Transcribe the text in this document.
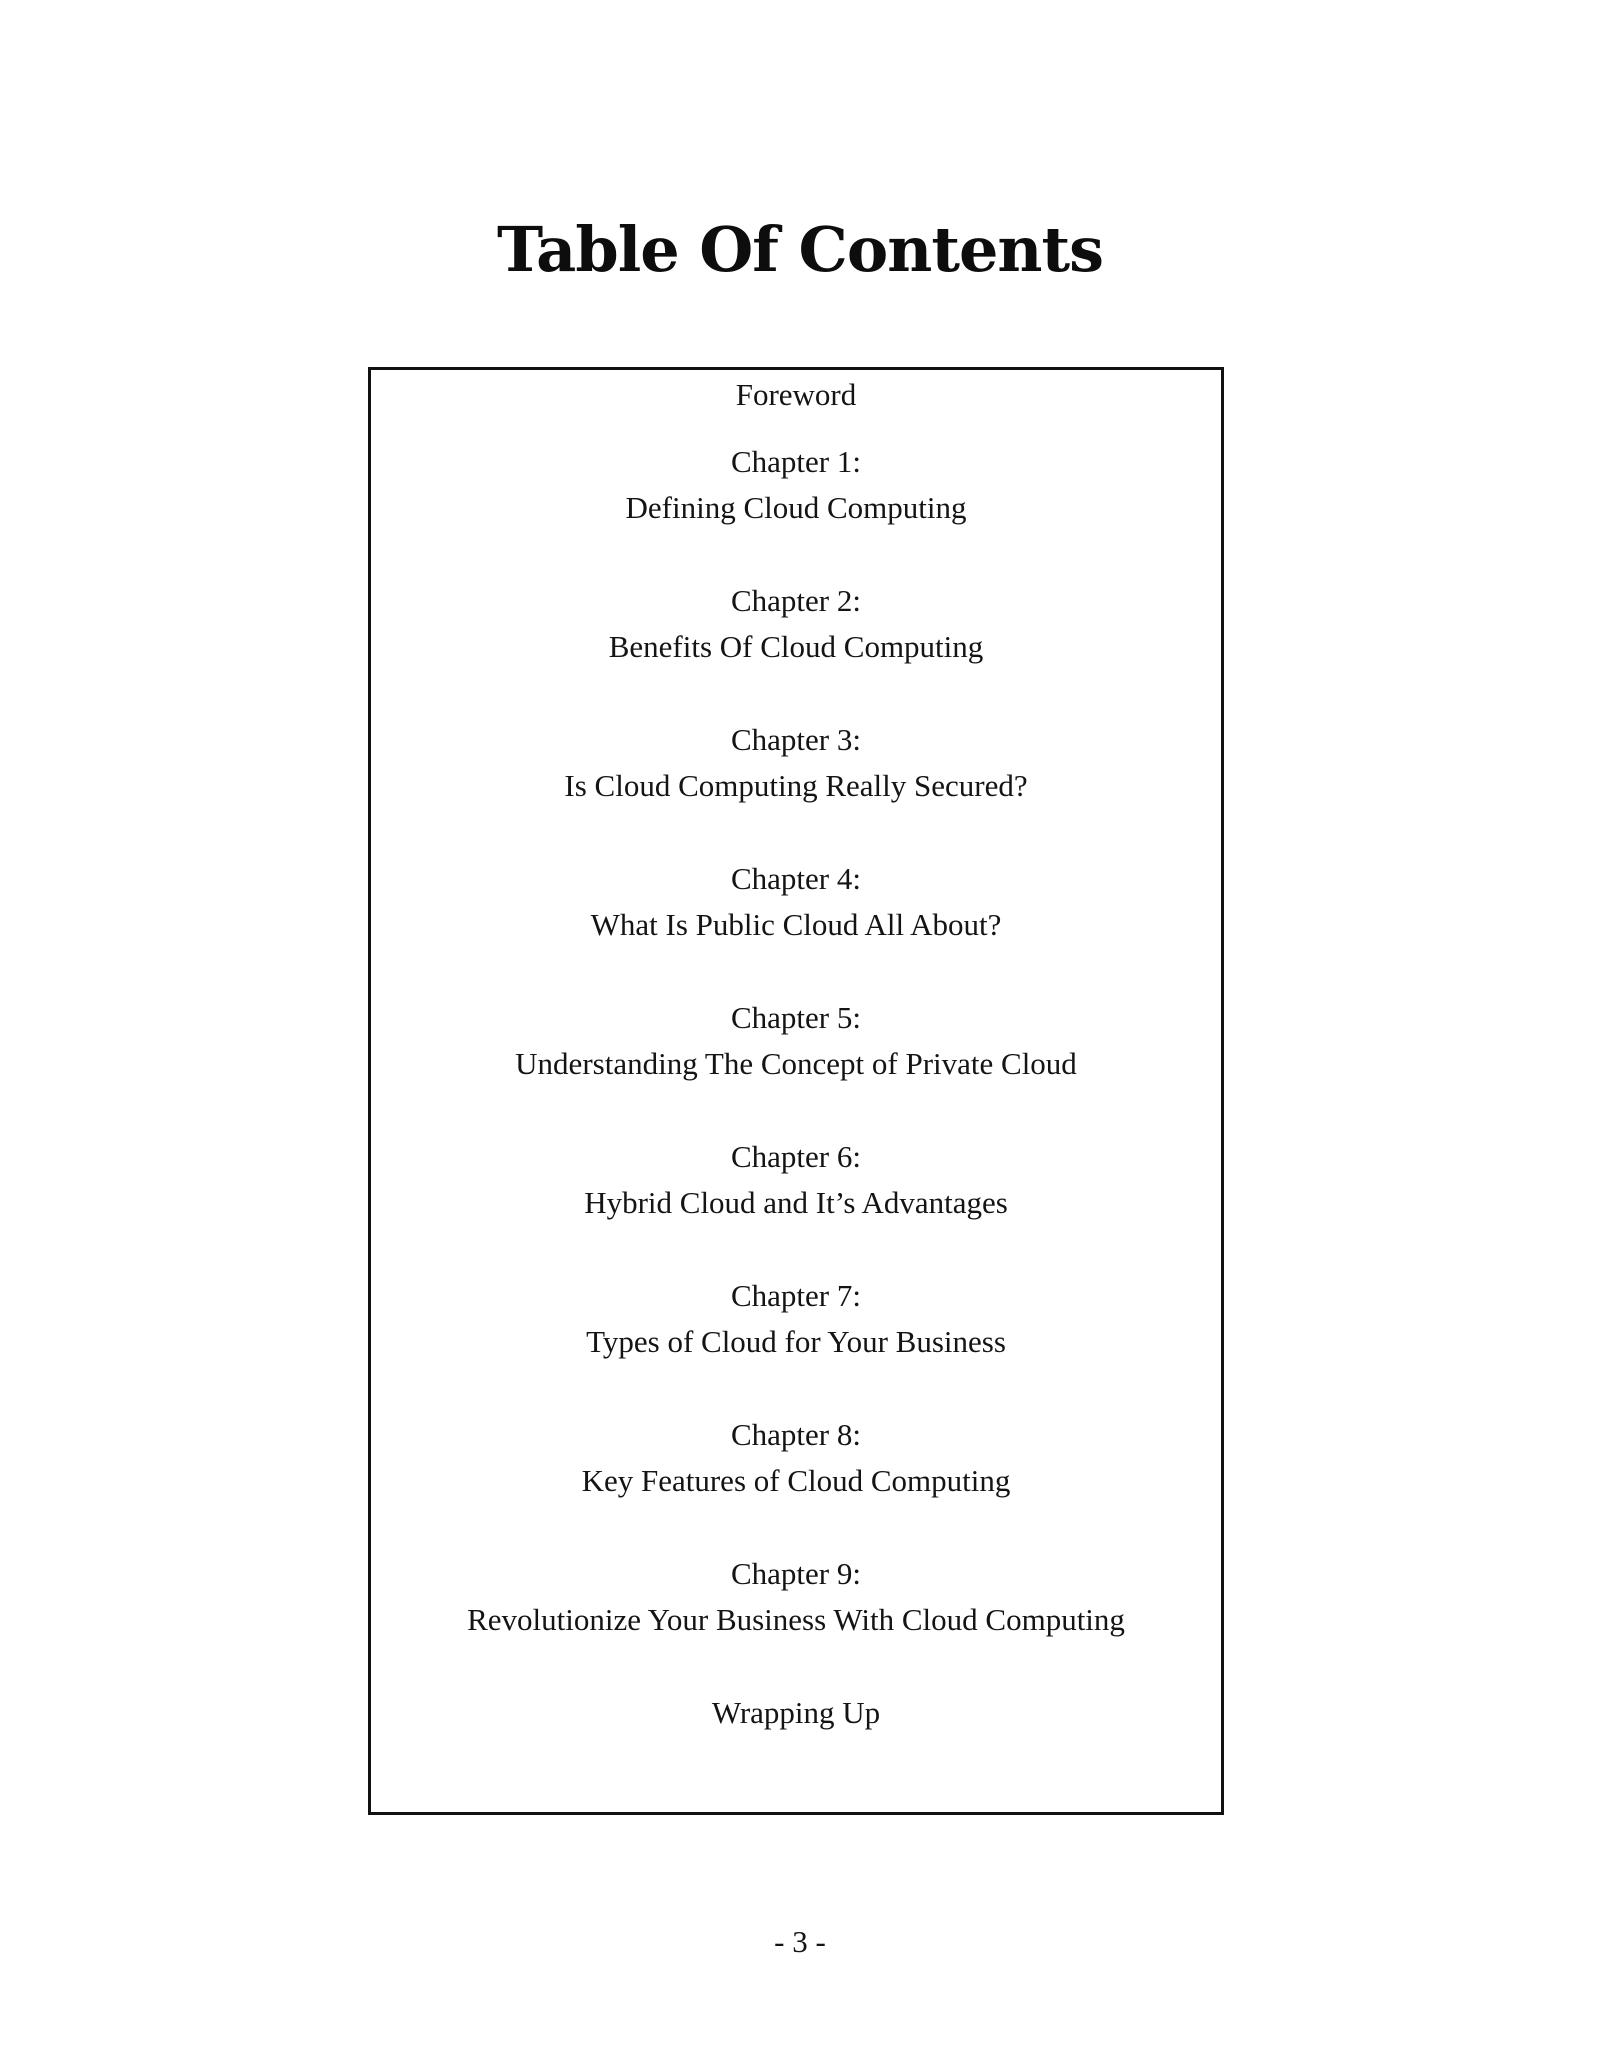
Table Of Contents
Foreword
Chapter 1:
Defining Cloud Computing
Chapter 2:
Benefits Of Cloud Computing
Chapter 3:
Is Cloud Computing Really Secured?
Chapter 4:
What Is Public Cloud All About?
Chapter 5:
Understanding The Concept of Private Cloud
Chapter 6:
Hybrid Cloud and It’s Advantages
Chapter 7:
Types of Cloud for Your Business
Chapter 8:
Key Features of Cloud Computing
Chapter 9:
Revolutionize Your Business With Cloud Computing
Wrapping Up
- 3 -
